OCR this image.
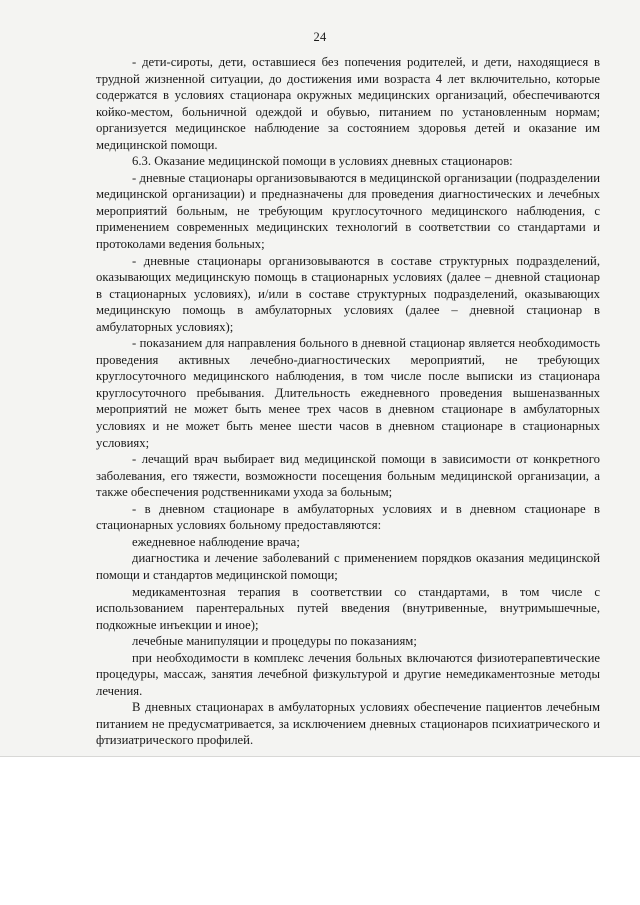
24

- дети-сироты, дети, оставшиеся без попечения родителей, и дети, находящиеся в трудной жизненной ситуации, до достижения ими возраста 4 лет включительно, которые содержатся в условиях стационара окружных медицинских организаций, обеспечиваются койко-местом, больничной одеждой и обувью, питанием по установленным нормам; организуется медицинское наблюдение за состоянием здоровья детей и оказание им медицинской помощи.

6.3. Оказание медицинской помощи в условиях дневных стационаров:

- дневные стационары организовываются в медицинской организации (подразделении медицинской организации) и предназначены для проведения диагностических и лечебных мероприятий больным, не требующим круглосуточного медицинского наблюдения, с применением современных медицинских технологий в соответствии со стандартами и протоколами ведения больных;

- дневные стационары организовываются в составе структурных подразделений, оказывающих медицинскую помощь в стационарных условиях (далее – дневной стационар в стационарных условиях), и/или в составе структурных подразделений, оказывающих медицинскую помощь в амбулаторных условиях (далее – дневной стационар в амбулаторных условиях);

- показанием для направления больного в дневной стационар является необходимость проведения активных лечебно-диагностических мероприятий, не требующих круглосуточного медицинского наблюдения, в том числе после выписки из стационара круглосуточного пребывания. Длительность ежедневного проведения вышеназванных мероприятий не может быть менее трех часов в дневном стационаре в амбулаторных условиях и не может быть менее шести часов в дневном стационаре в стационарных условиях;

- лечащий врач выбирает вид медицинской помощи в зависимости от конкретного заболевания, его тяжести, возможности посещения больным медицинской организации, а также обеспечения родственниками ухода за больным;

- в дневном стационаре в амбулаторных условиях и в дневном стационаре в стационарных условиях больному предоставляются:

ежедневное наблюдение врача;

диагностика и лечение заболеваний с применением порядков оказания медицинской помощи и стандартов медицинской помощи;

медикаментозная терапия в соответствии со стандартами, в том числе с использованием парентеральных путей введения (внутривенные, внутримышечные, подкожные инъекции и иное);

лечебные манипуляции и процедуры по показаниям;

при необходимости в комплекс лечения больных включаются физиотерапевтические процедуры, массаж, занятия лечебной физкультурой и другие немедикаментозные методы лечения.

В дневных стационарах в амбулаторных условиях обеспечение пациентов лечебным питанием не предусматривается, за исключением дневных стационаров психиатрического и фтизиатрического профилей.
